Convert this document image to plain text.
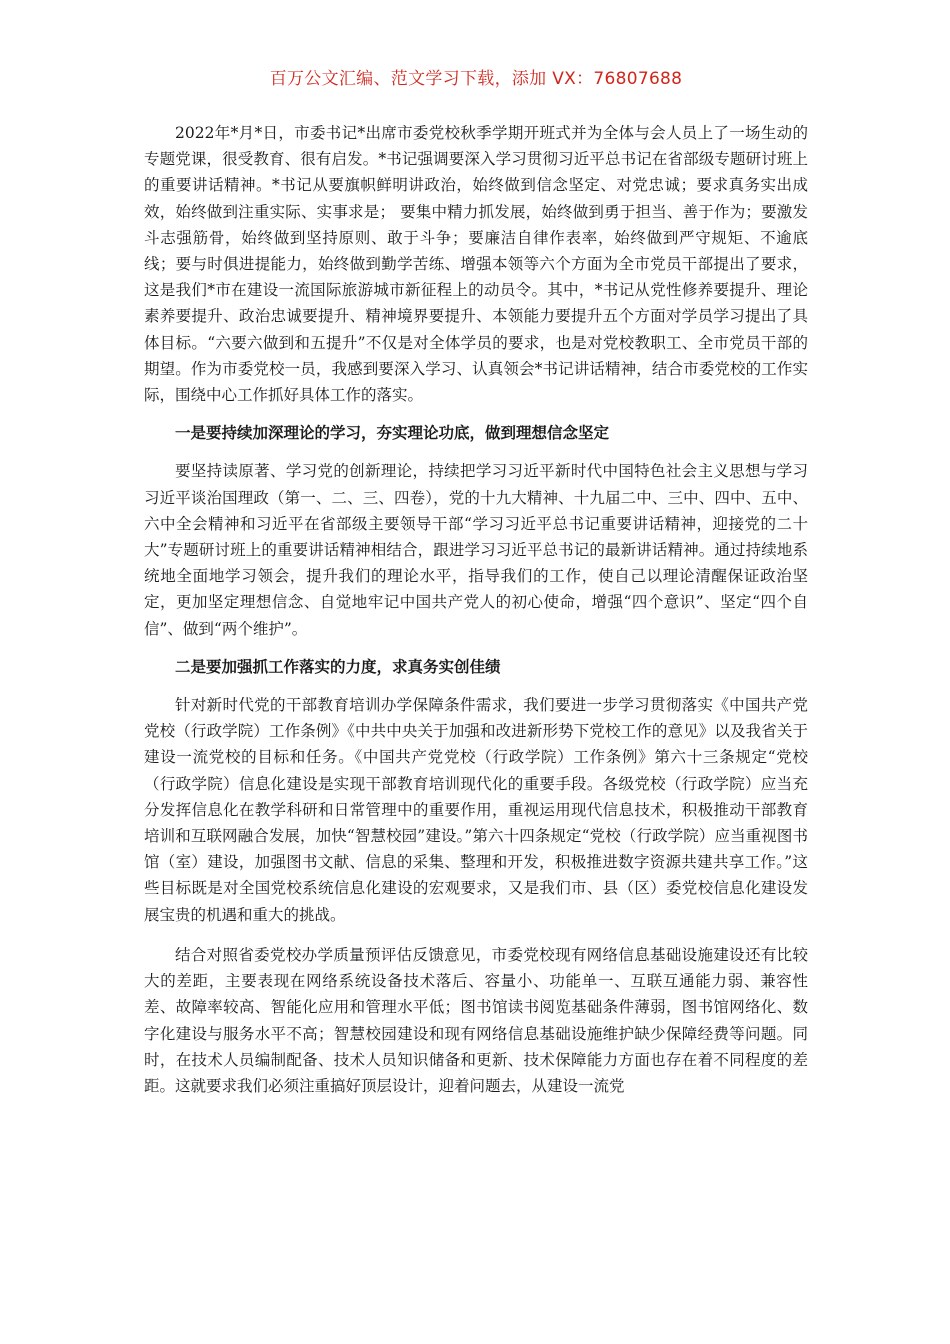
百万公文汇编、范文学习下载，添加 VX：76807688

2022年*月*日，市委书记*出席市委党校秋季学期开班式并为全体与会人员上了一场生动的专题党课，很受教育、很有启发。*书记强调要深入学习贯彻习近平总书记在省部级专题研讨班上的重要讲话精神。*书记从要旗帜鲜明讲政治，始终做到信念坚定、对党忠诚；要求真务实出成效，始终做到注重实际、实事求是； 要集中精力抓发展，始终做到勇于担当、善于作为；要激发斗志强筋骨，始终做到坚持原则、敢于斗争；要廉洁自律作表率，始终做到严守规矩、不逾底线；要与时俱进提能力，始终做到勤学苦练、增强本领等六个方面为全市党员干部提出了要求，这是我们*市在建设一流国际旅游城市新征程上的动员令。其中，*书记从党性修养要提升、理论素养要提升、政治忠诚要提升、精神境界要提升、本领能力要提升五个方面对学员学习提出了具体目标。“六要六做到和五提升”不仅是对全体学员的要求，也是对党校教职工、全市党员干部的期望。作为市委党校一员，我感到要深入学习、认真领会*书记讲话精神，结合市委党校的工作实际，围绕中心工作抓好具体工作的落实。

一是要持续加深理论的学习，夯实理论功底，做到理想信念坚定

要坚持读原著、学习党的创新理论，持续把学习习近平新时代中国特色社会主义思想与学习习近平谈治国理政（第一、二、三、四卷），党的十九大精神、十九届二中、三中、四中、五中、六中全会精神和习近平在省部级主要领导干部“学习习近平总书记重要讲话精神，迎接党的二十大”专题研讨班上的重要讲话精神相结合，跟进学习习近平总书记的最新讲话精神。通过持续地系统地全面地学习领会，提升我们的理论水平，指导我们的工作，使自己以理论清醒保证政治坚定，更加坚定理想信念、自觉地牢记中国共产党人的初心使命，增强“四个意识”、坚定“四个自信”、做到“两个维护”。

二是要加强抓工作落实的力度，求真务实创佳绩

针对新时代党的干部教育培训办学保障条件需求，我们要进一步学习贯彻落实《中国共产党党校（行政学院）工作条例》《中共中央关于加强和改进新形势下党校工作的意见》以及我省关于建设一流党校的目标和任务。《中国共产党党校（行政学院）工作条例》第六十三条规定“党校（行政学院）信息化建设是实现干部教育培训现代化的重要手段。各级党校（行政学院）应当充分发挥信息化在教学科研和日常管理中的重要作用，重视运用现代信息技术，积极推动干部教育培训和互联网融合发展，加快“智慧校园”建设。”第六十四条规定“党校（行政学院）应当重视图书馆（室）建设，加强图书文献、信息的采集、整理和开发，积极推进数字资源共建共享工作。”这些目标既是对全国党校系统信息化建设的宏观要求，又是我们市、县（区）委党校信息化建设发展宝贵的机遇和重大的挑战。

结合对照省委党校办学质量预评估反馈意见，市委党校现有网络信息基础设施建设还有比较大的差距，主要表现在网络系统设备技术落后、容量小、功能单一、互联互通能力弱、兼容性差、故障率较高、智能化应用和管理水平低；图书馆读书阅览基础条件薄弱，图书馆网络化、数字化建设与服务水平不高；智慧校园建设和现有网络信息基础设施维护缺少保障经费等问题。同时，在技术人员编制配备、技术人员知识储备和更新、技术保障能力方面也存在着不同程度的差距。这就要求我们必须注重搞好顶层设计，迎着问题去，从建设一流党
